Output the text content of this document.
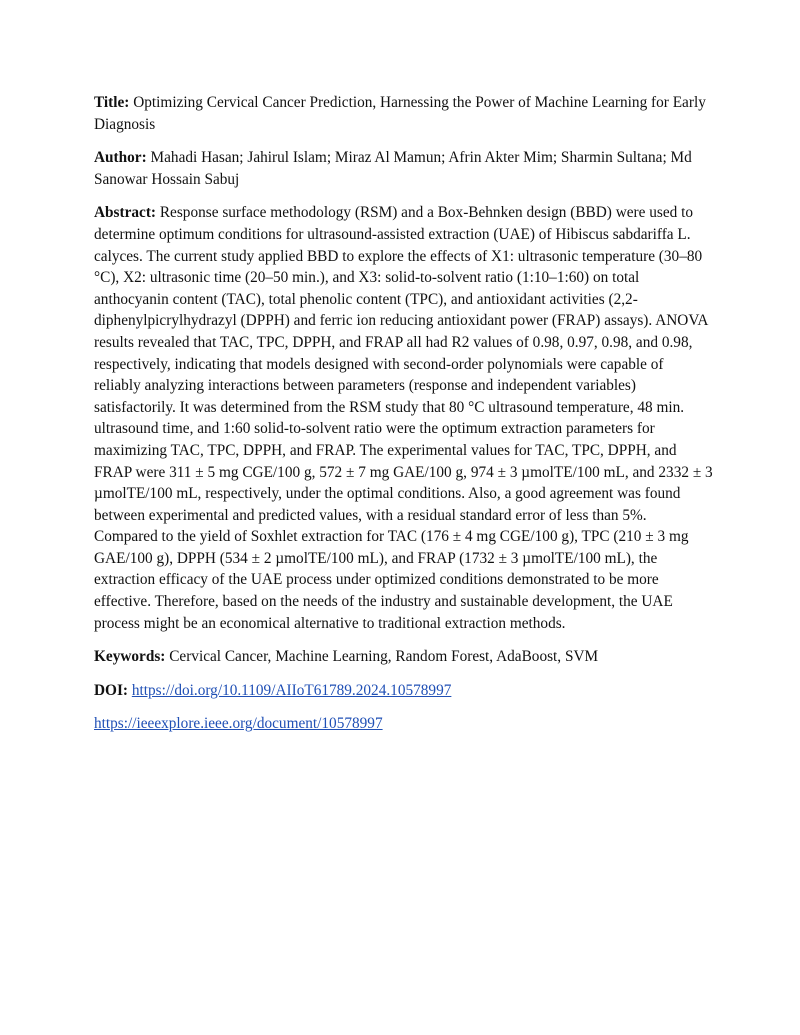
Title: Optimizing Cervical Cancer Prediction, Harnessing the Power of Machine Learning for Early Diagnosis

Author: Mahadi Hasan; Jahirul Islam; Miraz Al Mamun; Afrin Akter Mim; Sharmin Sultana; Md Sanowar Hossain Sabuj

Abstract: Response surface methodology (RSM) and a Box-Behnken design (BBD) were used to determine optimum conditions for ultrasound-assisted extraction (UAE) of Hibiscus sabdariffa L. calyces. The current study applied BBD to explore the effects of X1: ultrasonic temperature (30–80 °C), X2: ultrasonic time (20–50 min.), and X3: solid-to-solvent ratio (1:10–1:60) on total anthocyanin content (TAC), total phenolic content (TPC), and antioxidant activities (2,2-diphenylpicrylhydrazyl (DPPH) and ferric ion reducing antioxidant power (FRAP) assays). ANOVA results revealed that TAC, TPC, DPPH, and FRAP all had R2 values of 0.98, 0.97, 0.98, and 0.98, respectively, indicating that models designed with second-order polynomials were capable of reliably analyzing interactions between parameters (response and independent variables) satisfactorily. It was determined from the RSM study that 80 °C ultrasound temperature, 48 min. ultrasound time, and 1:60 solid-to-solvent ratio were the optimum extraction parameters for maximizing TAC, TPC, DPPH, and FRAP. The experimental values for TAC, TPC, DPPH, and FRAP were 311 ± 5 mg CGE/100 g, 572 ± 7 mg GAE/100 g, 974 ± 3 µmolTE/100 mL, and 2332 ± 3 µmolTE/100 mL, respectively, under the optimal conditions. Also, a good agreement was found between experimental and predicted values, with a residual standard error of less than 5%. Compared to the yield of Soxhlet extraction for TAC (176 ± 4 mg CGE/100 g), TPC (210 ± 3 mg GAE/100 g), DPPH (534 ± 2 µmolTE/100 mL), and FRAP (1732 ± 3 µmolTE/100 mL), the extraction efficacy of the UAE process under optimized conditions demonstrated to be more effective. Therefore, based on the needs of the industry and sustainable development, the UAE process might be an economical alternative to traditional extraction methods.

Keywords: Cervical Cancer, Machine Learning, Random Forest, AdaBoost, SVM

DOI: https://doi.org/10.1109/AIIoT61789.2024.10578997

https://ieeexplore.ieee.org/document/10578997
